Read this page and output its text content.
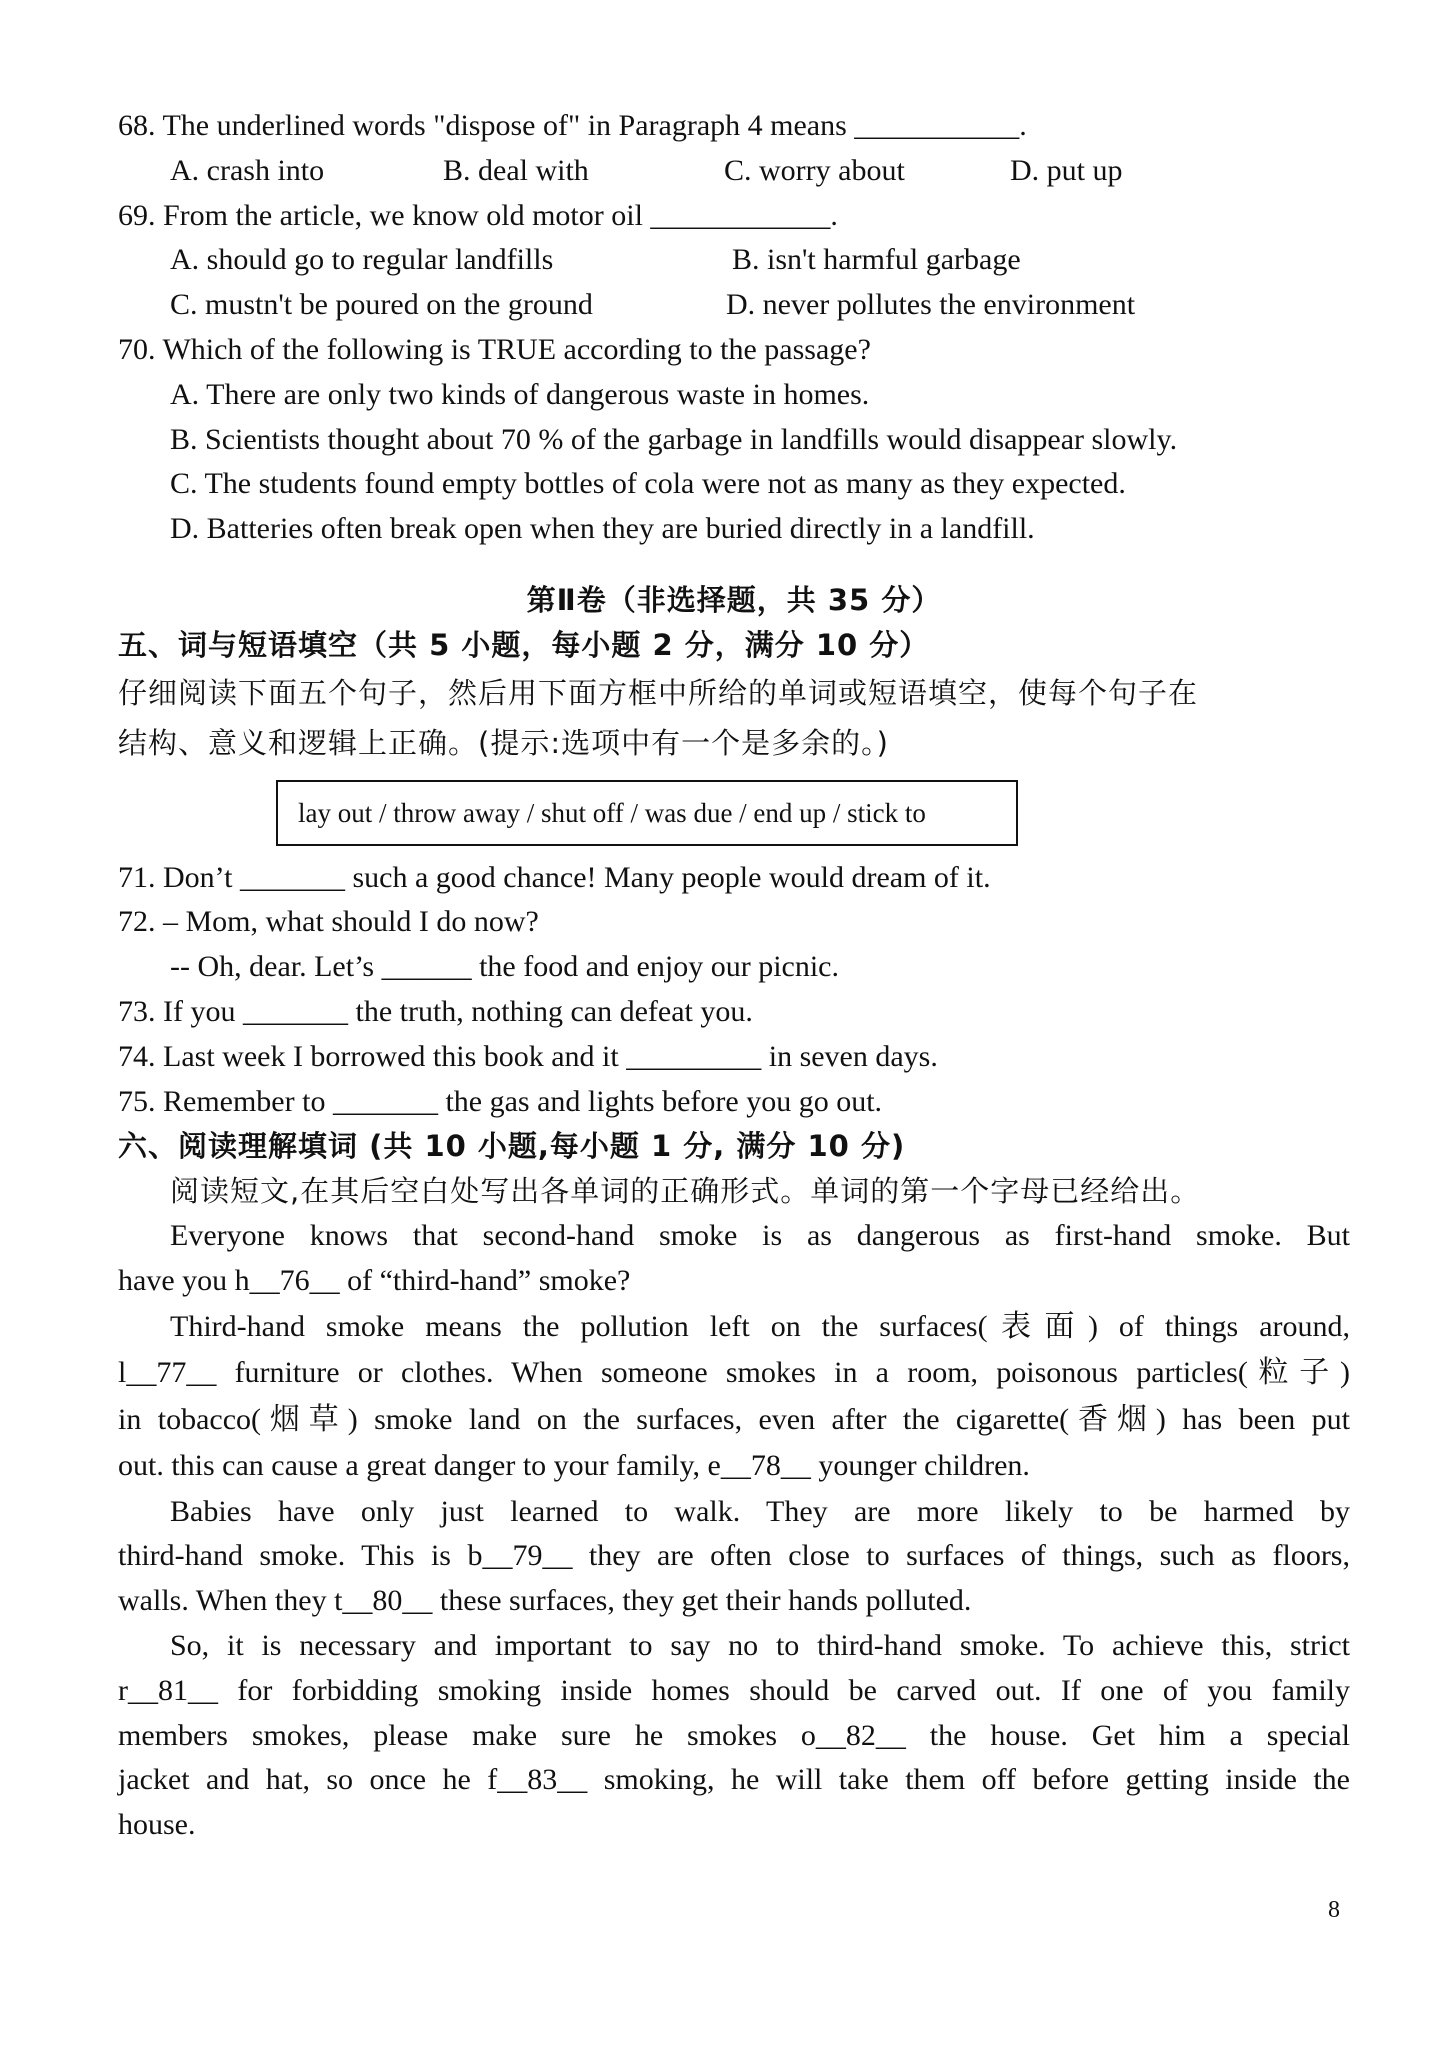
68. The underlined words "dispose of" in Paragraph 4 means ___________.
A. crash into	B. deal with	C. worry about	D. put up
69. From the article, we know old motor oil ____________.
A. should go to regular landfills	B. isn't harmful garbage
C. mustn't be poured on the ground	D. never pollutes the environment
70. Which of the following is TRUE according to the passage?
A. There are only two kinds of dangerous waste in homes.
B. Scientists thought about 70 % of the garbage in landfills would disappear slowly.
C. The students found empty bottles of cola were not as many as they expected.
D. Batteries often break open when they are buried directly in a landfill.
第Ⅱ卷（非选择题，共 35 分）
五、词与短语填空（共 5 小题，每小题 2 分，满分 10 分）
仔细阅读下面五个句子，然后用下面方框中所给的单词或短语填空，使每个句子在
结构、意义和逻辑上正确。(提示:选项中有一个是多余的。)
lay out / throw away / shut off / was due / end up / stick to
71. Don’t _______ such a good chance! Many people would dream of it.
72. – Mom, what should I do now?
-- Oh, dear. Let’s ______ the food and enjoy our picnic.
73. If you _______ the truth, nothing can defeat you.
74. Last week I borrowed this book and it _________ in seven days.
75. Remember to _______ the gas and lights before you go out.
六、阅读理解填词 (共 10 小题,每小题 1 分, 满分 10 分)
阅读短文,在其后空白处写出各单词的正确形式。单词的第一个字母已经给出。
Everyone knows that second-hand smoke is as dangerous as first-hand smoke. But
have you h__76__ of “third-hand” smoke?
Third-hand smoke means the pollution left on the surfaces(表面) of things around,
l__77__ furniture or clothes. When someone smokes in a room, poisonous particles(粒子)
in tobacco(烟草) smoke land on the surfaces, even after the cigarette(香烟) has been put
out. this can cause a great danger to your family, e__78__ younger children.
Babies have only just learned to walk. They are more likely to be harmed by
third-hand smoke. This is b__79__ they are often close to surfaces of things, such as floors,
walls. When they t__80__ these surfaces, they get their hands polluted.
So, it is necessary and important to say no to third-hand smoke. To achieve this, strict
r__81__ for forbidding smoking inside homes should be carved out. If one of you family
members smokes, please make sure he smokes o__82__ the house. Get him a special
jacket and hat, so once he f__83__ smoking, he will take them off before getting inside the
house.
8
